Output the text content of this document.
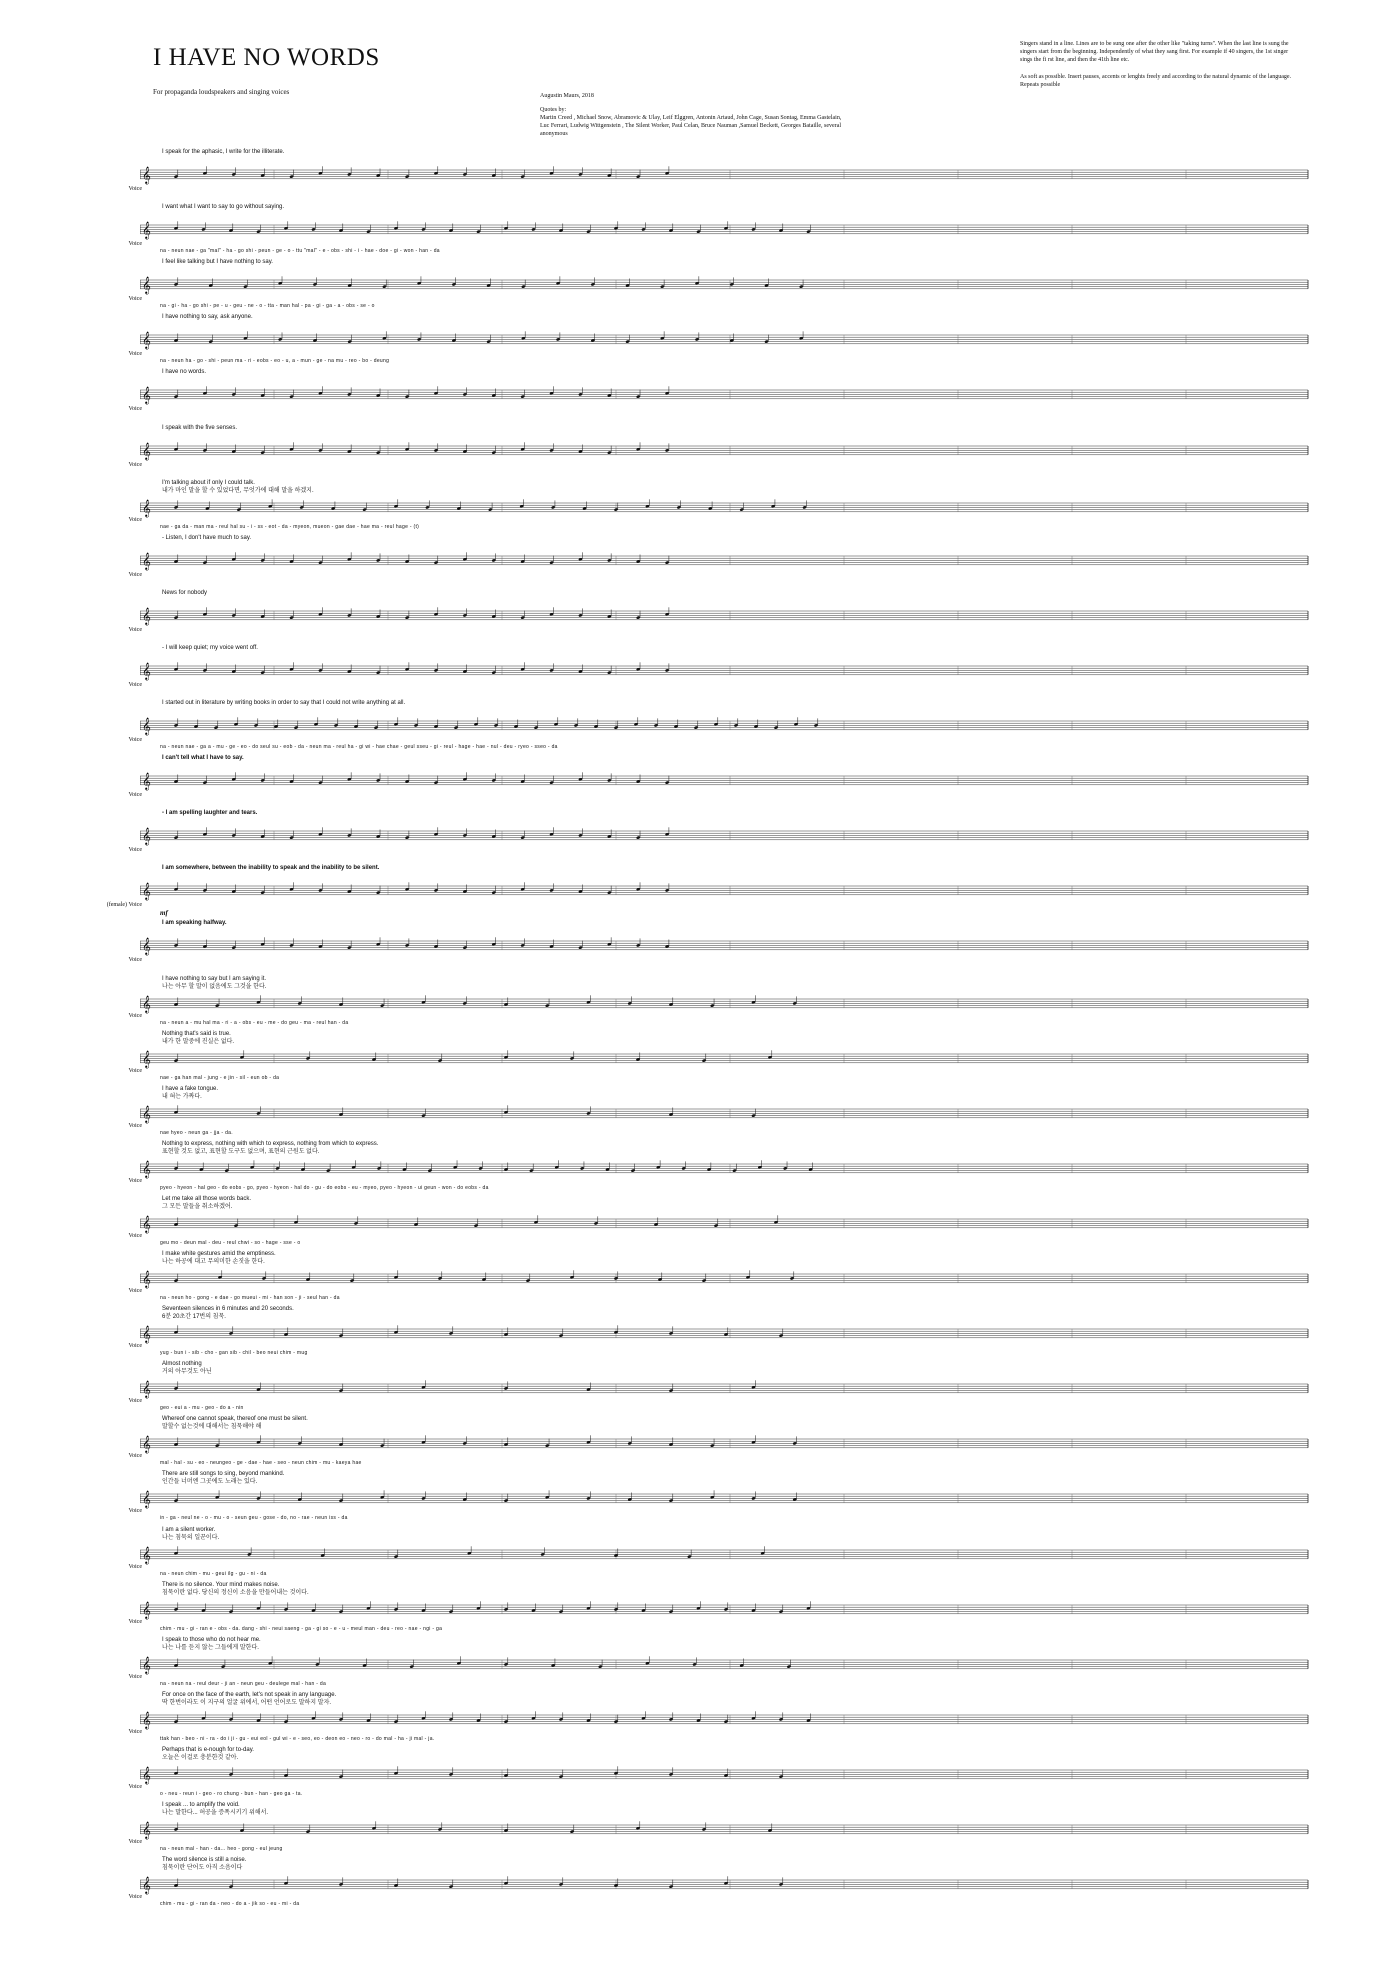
I HAVE NO WORDS
For propaganda loudspeakers and singing voices	Augustin Maurs, 2018
Quotes by:
Martin Creed , Michael Snow, Abramovic & Ulay, Leif Elggren, Antonin Artaud, John Cage, Susan Sontag, Emma Gastelain, Luc Ferrari, Ludwig Wittgenstein , The Silent Worker, Paul Celan, Bruce Nauman ,Samuel Beckett, Georges Bataille, several anonymous

Singers stand in a line. Lines are to be sung one after the other like "taking turns". When the last line is sung the singers start from the beginning. Independently of what they sang first. For example if 40 singers, the 1st singer sings the fi rst line, and then the 41th line etc.

As soft as possible. Insert pauses, accents or lenghts freely and according to the natural dynamic of the language. Repeats possible

Voice
I speak for the aphasic, I write for the illiterate.
𝄞
Voice
I want what I want to say to go without saying.
𝄞
na - neun nae - ga "mal" - ha - go shi - peun - ge - o - ttu "mal" - e - obs - shi - i - hae - doe - gi - won - han - da
Voice
I feel like talking but I have nothing to say.
𝄞
na - gi - ha - go shi - pe - u - geu - ne - o - tta - man hal - pa - gi - ga - a - obs - se - o
Voice
I have nothing to say, ask anyone.
𝄞
na - neun ha - go - shi - peun ma - ri - eobs - eo - u, a - mun - ge - na mu - reo - bo - deung
Voice
I have no words.
𝄞
Voice
I speak with the five senses.
𝄞
Voice
I'm talking about if only I could talk.
내가 마인 말을 할 수 있었다면, 무엇가에 대해 말을 하겠지.
𝄞
nae - ga da - man ma - reul hal su - i - ss - eot - da - myeon, mueon - gae dae - hae ma - reul hage - (t)
Voice
- Listen, I don't have much to say.
𝄞
Voice
News for nobody
𝄞
Voice
- I will keep quiet; my voice went off.
𝄞
Voice
I started out in literature by writing books in order to say that I could not write anything at all.
𝄞
na - neun nae - ga a - mu - ge - eo - do seul su - eob - da - neun ma - reul ha - gi wi - hae chae - geul sseu - gi - reul - hage - hae - nul - deu - ryeo - sseo - da
Voice
I can't tell what I have to say.
𝄞
Voice
- I am spelling laughter and tears.
𝄞
(female) Voice
I am somewhere, between the inability to speak and the inability to be silent.
𝄞
mf
Voice
I am speaking halfway.
𝄞
Voice
I have nothing to say but I am saying it.
나는 아무 할 말이 없음에도 그것을 한다.
𝄞
na - neun a - mu hal ma - ri - a - obs - eu - me - do geu - ma - reul han - da
Voice
Nothing that's said is true.
내가 한 말중에 진실은 없다.
𝄞
nae - ga han mal - jung - e jin - sil - eun ob - da
Voice
I have a fake tongue.
내 혀는 가짜다.
𝄞
nae hyeo - neun ga - jja - da.
Voice
Nothing to express, nothing with which to express, nothing from which to express.
표현할 것도 없고, 표현할 도구도 없으며, 표현의 근원도 없다.
𝄞
pyeo - hyeon - hal geo - do eobs - go, pyeo - hyeon - hal do - gu - do eobs - eu - myeo, pyeo - hyeon - ui geun - won - do eobs - da
Voice
Let me take all those words back.
그 모든 말들을 취소하겠어.
𝄞
geu mo - deun mal - deu - reul chwi - so - hage - sse - o
Voice
I make white gestures amid the emptiness.
나는 하공에 대고 무의미한 손짓을 한다.
𝄞
na - neun ho - gong - e dae - go mueui - mi - han son - ji - seul han - da
Voice
Seventeen silences in 6 minutes and 20 seconds.
6분 20초간 17번의 침묵.
𝄞
yug - bun i - sib - cho - gan sib - chil - beo neui chim - mug
Voice
Almost nothing
거의 아무것도 아닌
𝄞
geo - eui a - mu - geo - do a - nin
Voice
Whereof one cannot speak, thereof one must be silent.
말할수 없는것에 대해서는 침묵해야 해
𝄞
mal - hal - su - eo - neungeo - ge - dae - hae - seo - neun chim - mu - kaeya hae
Voice
There are still songs to sing, beyond mankind.
인간들 너머엔 그곳에도 노래는 있다.
𝄞
in - ga - neul ne - o - mu - o - seun geu - gose - do, no - rae - neun iss - da
Voice
I am a silent worker.
나는 침묵의 일꾼이다.
𝄞
na - neun chim - mu - geui ilg - gu - ni - da
Voice
There is no silence. Your mind makes noise.
침묵이란 없다. 당신의 정신이 소음을 만들어내는 것이다.
𝄞
chim - mu - gi - ran e - obs - da. dang - shi - neui saeng - ga - gi so - e - u - meul man - deu - reo - nae - ngi - ga
Voice
I speak to those who do not hear me.
나는 나를 듣지 않는 그들에게 말한다.
𝄞
na - neun na - reul deur - ji an - neun geu - deulege mal - han - da
Voice
For once on the face of the earth, let's not speak in any language.
딱 한번이라도 이 지구의 얼굴 위에서, 어떤 언어로도 말하지 말자.
𝄞
ttak han - beo - ni - ra - do i ji - gu - eui eol - gul wi - e - seo, eo - deon eo - neo - ro - do mal - ha - ji mal - ja.
Voice
Perhaps that is e-nough for to-day.
오늘은 이걸로 충분한것 같아.
𝄞
o - neu - reun i - geo - ro chung - bun - han - geo ga - ta.
Voice
I speak ... to amplify the void.
나는 말한다... 허공을 증폭시키기 위해서.
𝄞
na - neun mal - han - da... heo - gong - eul jeung
Voice
The word silence is still a noise.
침묵이란 단어도 아직 소음이다
𝄞
chim - mu - gi - ran da - neo - do a - jik so - eu - mi - da
